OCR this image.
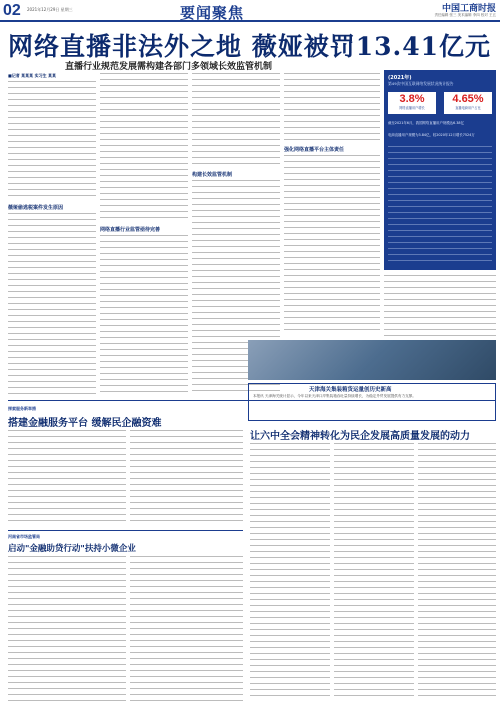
02 2021年12月29日 星期三	要闻聚焦	中国工商时报
责任编辑 张三 美术编辑 李四 校对 王五
网络直播非法外之地 薇娅被罚13.41亿元
直播行业规范发展需构建各部门多领域长效监管机制
■记者 某某某 实习生 某某
薇娅偷逃税案件发生原因
网络直播行业监管亟待完善
构建长效监管机制
强化网络直播平台主体责任
(2021年)
第49次中国互联网络发展状况统计报告
3.8%
网络直播用户增长
4.65%
直播电商用户占比
截至2021年6月，我国网络直播用户规模达6.38亿
电商直播用户规模为3.84亿，较2020年12月增长7524万
探索服务新举措
搭建金融服务平台 缓解民企融资难
河南省市场监管局
启动"金融助贷行动"扶持小微企业
天津海关集装箱货运量创历史新高
本报讯 天津海关统计显示，今年以来天津口岸集装箱吞吐量持续增长，为稳定外贸发展提供有力支撑。
让六中全会精神转化为民企发展高质量发展的动力
